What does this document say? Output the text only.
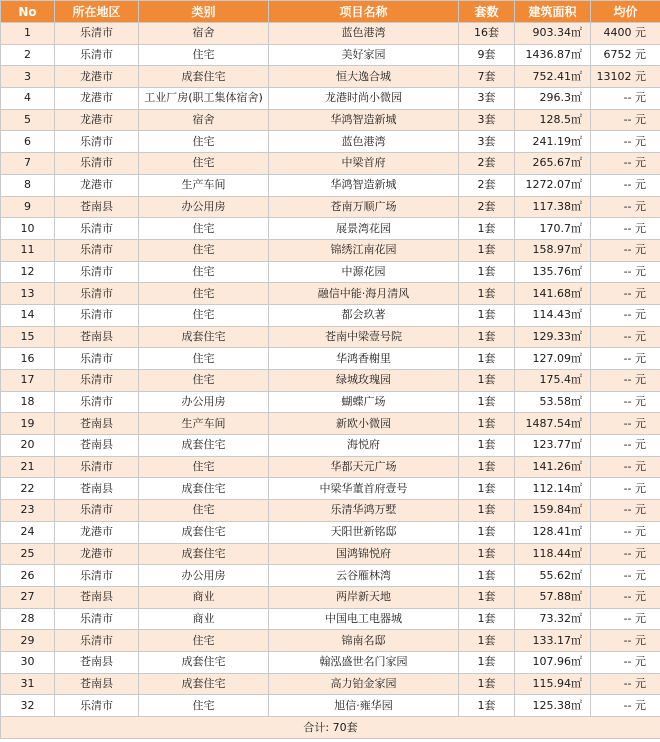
No	所在地区	类别	项目名称	套数	建筑面积	均价
1	乐清市	宿舍	蓝色港湾	16套	903.34㎡	4400 元
2	乐清市	住宅	美好家园	9套	1436.87㎡	6752 元
3	龙港市	成套住宅	恒大逸合城	7套	752.41㎡	13102 元
4	龙港市	工业厂房(职工集体宿舍)	龙港时尚小微园	3套	296.3㎡	-- 元
5	龙港市	宿舍	华鸿智造新城	3套	128.5㎡	-- 元
6	乐清市	住宅	蓝色港湾	3套	241.19㎡	-- 元
7	乐清市	住宅	中梁首府	2套	265.67㎡	-- 元
8	龙港市	生产车间	华鸿智造新城	2套	1272.07㎡	-- 元
9	苍南县	办公用房	苍南万顺广场	2套	117.38㎡	-- 元
10	乐清市	住宅	展景湾花园	1套	170.7㎡	-- 元
11	乐清市	住宅	锦绣江南花园	1套	158.97㎡	-- 元
12	乐清市	住宅	中源花园	1套	135.76㎡	-- 元
13	乐清市	住宅	融信中能·海月清风	1套	141.68㎡	-- 元
14	乐清市	住宅	都会玖著	1套	114.43㎡	-- 元
15	苍南县	成套住宅	苍南中梁壹号院	1套	129.33㎡	-- 元
16	乐清市	住宅	华鸿香榭里	1套	127.09㎡	-- 元
17	乐清市	住宅	绿城玫瑰园	1套	175.4㎡	-- 元
18	乐清市	办公用房	蝴蝶广场	1套	53.58㎡	-- 元
19	苍南县	生产车间	新欧小微园	1套	1487.54㎡	-- 元
20	苍南县	成套住宅	海悦府	1套	123.77㎡	-- 元
21	乐清市	住宅	华都天元广场	1套	141.26㎡	-- 元
22	苍南县	成套住宅	中梁华董首府壹号	1套	112.14㎡	-- 元
23	乐清市	住宅	乐清华鸿万墅	1套	159.84㎡	-- 元
24	龙港市	成套住宅	天阳世新铭邸	1套	128.41㎡	-- 元
25	龙港市	成套住宅	国鸿锦悦府	1套	118.44㎡	-- 元
26	乐清市	办公用房	云谷雁林湾	1套	55.62㎡	-- 元
27	苍南县	商业	两岸新天地	1套	57.88㎡	-- 元
28	乐清市	商业	中国电工电器城	1套	73.32㎡	-- 元
29	乐清市	住宅	锦南名邸	1套	133.17㎡	-- 元
30	苍南县	成套住宅	翰泓盛世名门家园	1套	107.96㎡	-- 元
31	苍南县	成套住宅	高力铂金家园	1套	115.94㎡	-- 元
32	乐清市	住宅	旭信·雍华园	1套	125.38㎡	-- 元
合计: 70套						
